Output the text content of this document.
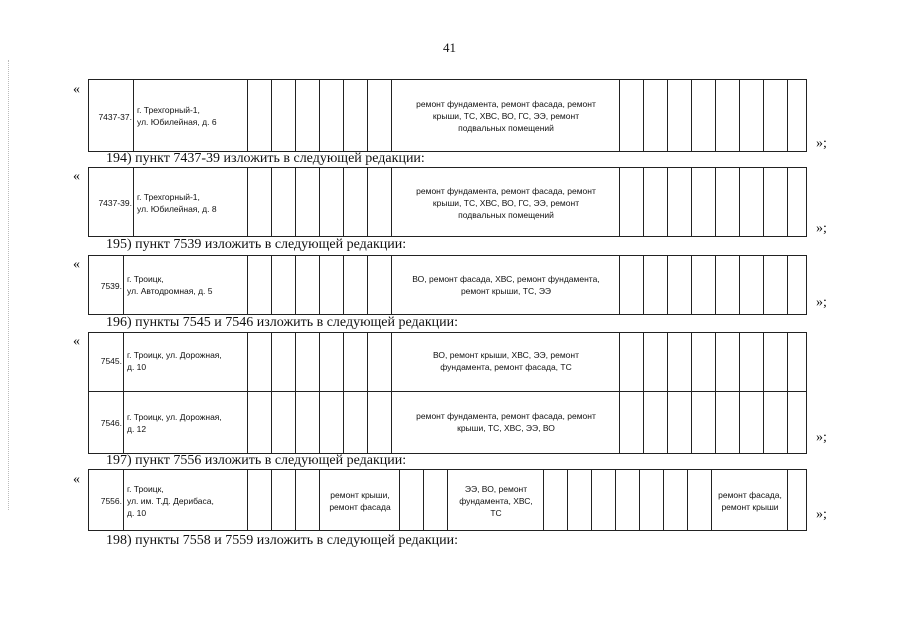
41
«
7437-37.
г. Трехгорный-1,
ул. Юбилейная, д. 6
ремонт фундамента, ремонт фасада, ремонт
крыши, ТС, ХВС, ВО, ГС, ЭЭ, ремонт
подвальных помещений
»;
194) пункт 7437-39 изложить в следующей редакции:
«
7437-39.
г. Трехгорный-1,
ул. Юбилейная, д. 8
ремонт фундамента, ремонт фасада, ремонт
крыши, ТС, ХВС, ВО, ГС, ЭЭ, ремонт
подвальных помещений
»;
195) пункт 7539 изложить в следующей редакции:
«
7539.
г. Троицк,
ул. Автодромная, д. 5
ВО, ремонт фасада, ХВС, ремонт фундамента,
ремонт крыши, ТС, ЭЭ
»;
196) пункты 7545 и 7546 изложить в следующей редакции:
«
7545.
г. Троицк, ул. Дорожная,
д. 10
ВО, ремонт крыши, ХВС, ЭЭ, ремонт
фундамента, ремонт фасада, ТС
7546.
г. Троицк, ул. Дорожная,
д. 12
ремонт фундамента, ремонт фасада, ремонт
крыши, ТС, ХВС, ЭЭ, ВО
»;
197) пункт 7556 изложить в следующей редакции:
«
7556.
г. Троицк,
ул. им. Т.Д. Дерибаса,
д. 10
ремонт крыши,
ремонт фасада
ЭЭ, ВО, ремонт
фундамента, ХВС,
ТС
ремонт фасада,
ремонт крыши	»;
198) пункты 7558 и 7559 изложить в следующей редакции:
